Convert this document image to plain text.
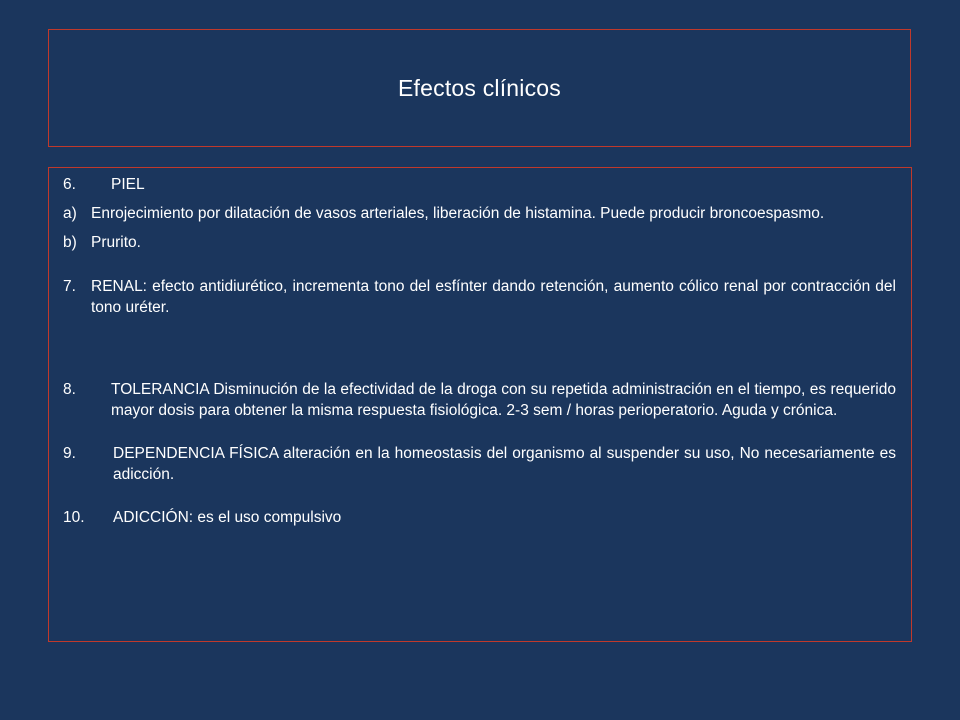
Efectos clínicos
6.	PIEL
a) Enrojecimiento por dilatación de vasos arteriales, liberación de histamina. Puede producir broncoespasmo.
b) Prurito.
7. RENAL: efecto antidiurético, incrementa tono del esfínter dando retención, aumento cólico renal por contracción del tono uréter.
8.	TOLERANCIA Disminución de la efectividad de la droga con su repetida administración en el tiempo, es requerido mayor dosis para obtener la misma respuesta fisiológica. 2-3 sem / horas perioperatorio. Aguda y crónica.
9.	DEPENDENCIA FÍSICA alteración en la homeostasis del organismo al suspender su uso, No necesariamente es adicción.
10.	ADICCIÓN: es el uso compulsivo
